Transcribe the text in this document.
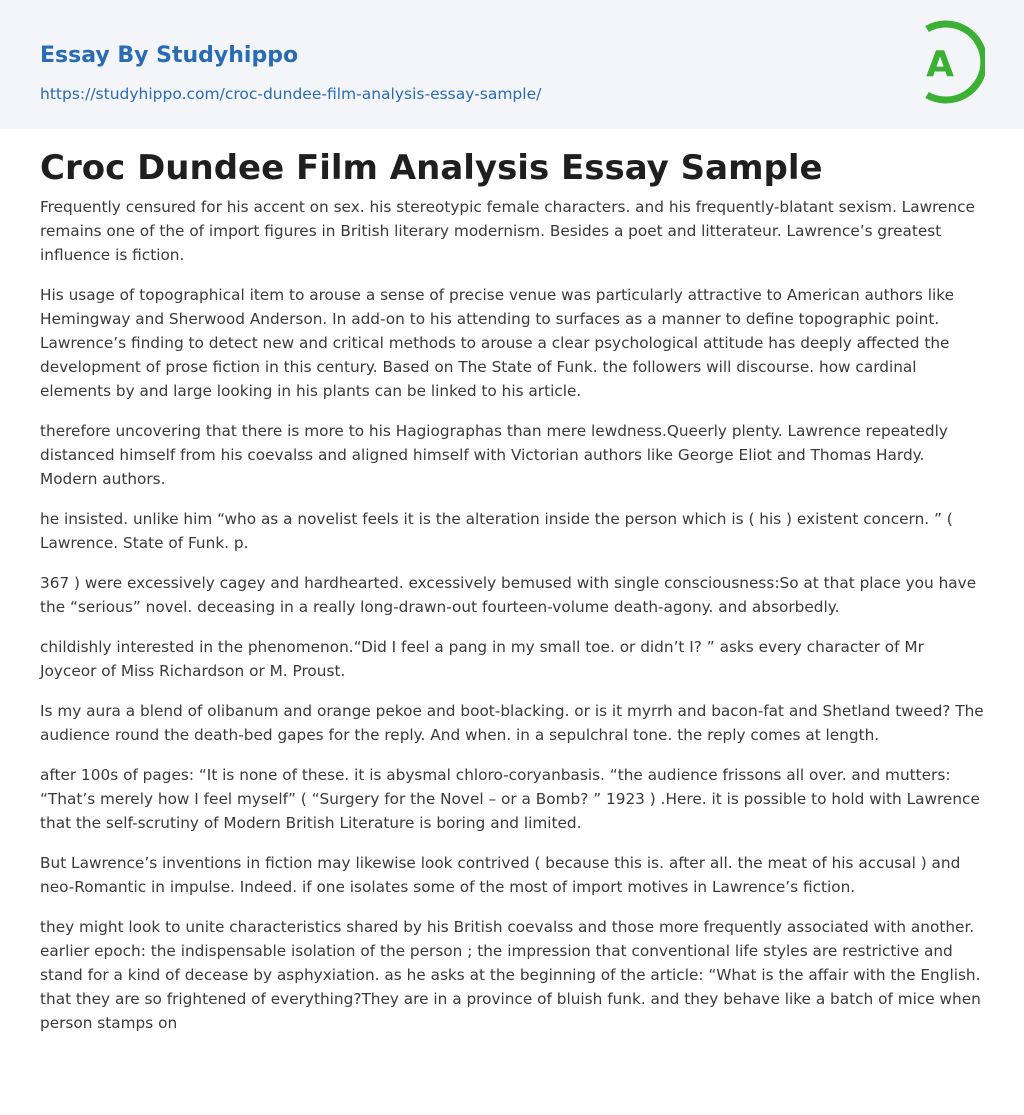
Essay By Studyhippo
https://studyhippo.com/croc-dundee-film-analysis-essay-sample/
A
Croc Dundee Film Analysis Essay Sample

Frequently censured for his accent on sex. his stereotypic female characters. and his frequently-blatant sexism. Lawrence remains one of the of import figures in British literary modernism. Besides a poet and litterateur. Lawrence’s greatest influence is fiction.

His usage of topographical item to arouse a sense of precise venue was particularly attractive to American authors like Hemingway and Sherwood Anderson. In add-on to his attending to surfaces as a manner to define topographic point. Lawrence’s finding to detect new and critical methods to arouse a clear psychological attitude has deeply affected the development of prose fiction in this century. Based on The State of Funk. the followers will discourse. how cardinal elements by and large looking in his plants can be linked to his article.

therefore uncovering that there is more to his Hagiographas than mere lewdness.Queerly plenty. Lawrence repeatedly distanced himself from his coevalss and aligned himself with Victorian authors like George Eliot and Thomas Hardy. Modern authors.

he insisted. unlike him “who as a novelist feels it is the alteration inside the person which is ( his ) existent concern. ” ( Lawrence. State of Funk. p.

367 ) were excessively cagey and hardhearted. excessively bemused with single consciousness:So at that place you have the “serious” novel. deceasing in a really long-drawn-out fourteen-volume death-agony. and absorbedly.

childishly interested in the phenomenon.“Did I feel a pang in my small toe. or didn’t I? ” asks every character of Mr Joyceor of Miss Richardson or M. Proust.

Is my aura a blend of olibanum and orange pekoe and boot-blacking. or is it myrrh and bacon-fat and Shetland tweed? The audience round the death-bed gapes for the reply. And when. in a sepulchral tone. the reply comes at length.

after 100s of pages: “It is none of these. it is abysmal chloro-coryanbasis. “the audience frissons all over. and mutters: “That’s merely how I feel myself” ( “Surgery for the Novel – or a Bomb? ” 1923 ) .Here. it is possible to hold with Lawrence that the self-scrutiny of Modern British Literature is boring and limited.

But Lawrence’s inventions in fiction may likewise look contrived ( because this is. after all. the meat of his accusal ) and neo-Romantic in impulse. Indeed. if one isolates some of the most of import motives in Lawrence’s fiction.

they might look to unite characteristics shared by his British coevalss and those more frequently associated with another. earlier epoch: the indispensable isolation of the person ; the impression that conventional life styles are restrictive and stand for a kind of decease by asphyxiation. as he asks at the beginning of the article: “What is the affair with the English. that they are so frightened of everything?They are in a province of bluish funk. and they behave like a batch of mice when person stamps on
